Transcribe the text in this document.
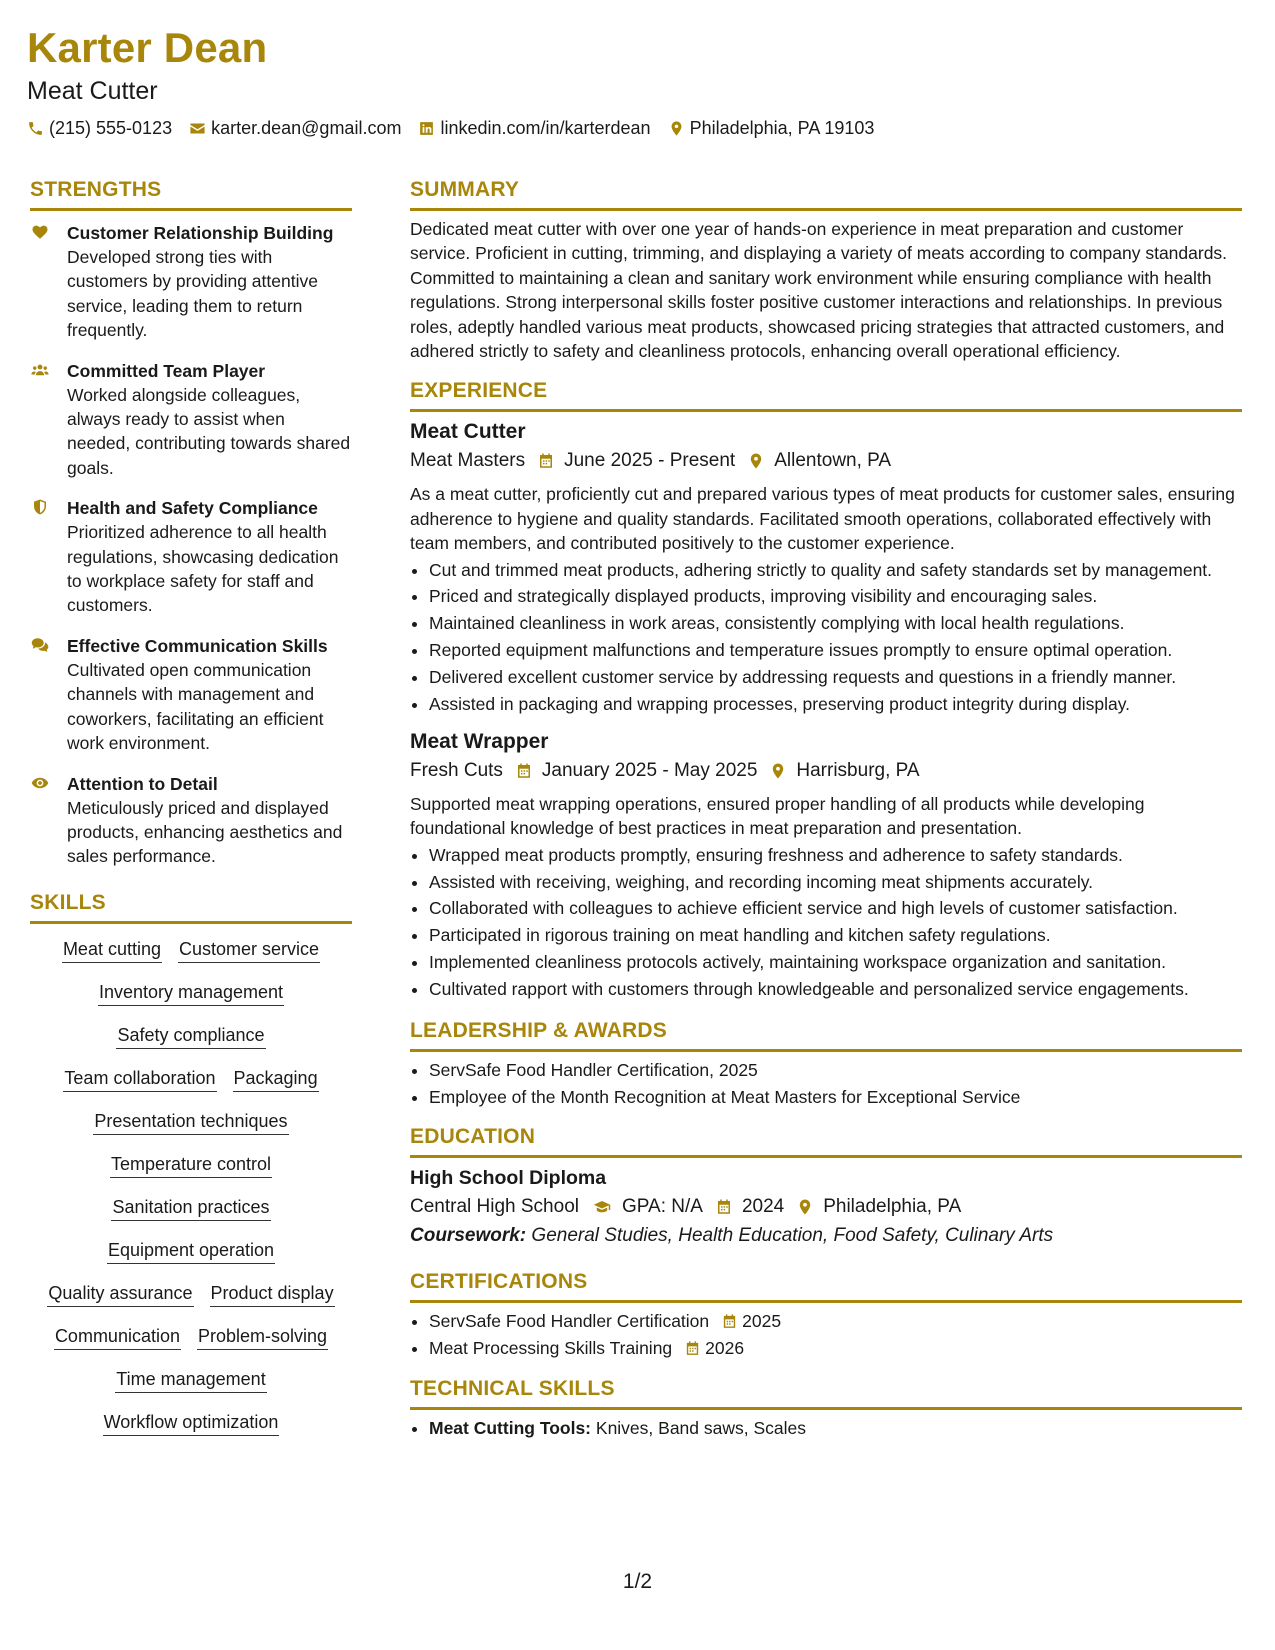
Karter Dean
Meat Cutter
(215) 555-0123 karter.dean@gmail.com linkedin.com/in/karterdean Philadelphia, PA 19103
STRENGTHS
Customer Relationship Building
Developed strong ties with customers by providing attentive service, leading them to return frequently.
Committed Team Player
Worked alongside colleagues, always ready to assist when needed, contributing towards shared goals.
Health and Safety Compliance
Prioritized adherence to all health regulations, showcasing dedication to workplace safety for staff and customers.
Effective Communication Skills
Cultivated open communication channels with management and coworkers, facilitating an efficient work environment.
Attention to Detail
Meticulously priced and displayed products, enhancing aesthetics and sales performance.
SKILLS
Meat cutting Customer service
Inventory management
Safety compliance
Team collaboration Packaging
Presentation techniques
Temperature control
Sanitation practices
Equipment operation
Quality assurance Product display
Communication Problem-solving
Time management
Workflow optimization
SUMMARY
Dedicated meat cutter with over one year of hands-on experience in meat preparation and customer service. Proficient in cutting, trimming, and displaying a variety of meats according to company standards. Committed to maintaining a clean and sanitary work environment while ensuring compliance with health regulations. Strong interpersonal skills foster positive customer interactions and relationships. In previous roles, adeptly handled various meat products, showcased pricing strategies that attracted customers, and adhered strictly to safety and cleanliness protocols, enhancing overall operational efficiency.
EXPERIENCE
Meat Cutter
Meat Masters June 2025 - Present Allentown, PA
As a meat cutter, proficiently cut and prepared various types of meat products for customer sales, ensuring adherence to hygiene and quality standards. Facilitated smooth operations, collaborated effectively with team members, and contributed positively to the customer experience.
• Cut and trimmed meat products, adhering strictly to quality and safety standards set by management.
• Priced and strategically displayed products, improving visibility and encouraging sales.
• Maintained cleanliness in work areas, consistently complying with local health regulations.
• Reported equipment malfunctions and temperature issues promptly to ensure optimal operation.
• Delivered excellent customer service by addressing requests and questions in a friendly manner.
• Assisted in packaging and wrapping processes, preserving product integrity during display.
Meat Wrapper
Fresh Cuts January 2025 - May 2025 Harrisburg, PA
Supported meat wrapping operations, ensured proper handling of all products while developing foundational knowledge of best practices in meat preparation and presentation.
• Wrapped meat products promptly, ensuring freshness and adherence to safety standards.
• Assisted with receiving, weighing, and recording incoming meat shipments accurately.
• Collaborated with colleagues to achieve efficient service and high levels of customer satisfaction.
• Participated in rigorous training on meat handling and kitchen safety regulations.
• Implemented cleanliness protocols actively, maintaining workspace organization and sanitation.
• Cultivated rapport with customers through knowledgeable and personalized service engagements.
LEADERSHIP & AWARDS
• ServSafe Food Handler Certification, 2025
• Employee of the Month Recognition at Meat Masters for Exceptional Service
EDUCATION
High School Diploma
Central High School GPA: N/A 2024 Philadelphia, PA
Coursework: General Studies, Health Education, Food Safety, Culinary Arts
CERTIFICATIONS
• ServSafe Food Handler Certification 2025
• Meat Processing Skills Training 2026
TECHNICAL SKILLS
• Meat Cutting Tools: Knives, Band saws, Scales
1/2
